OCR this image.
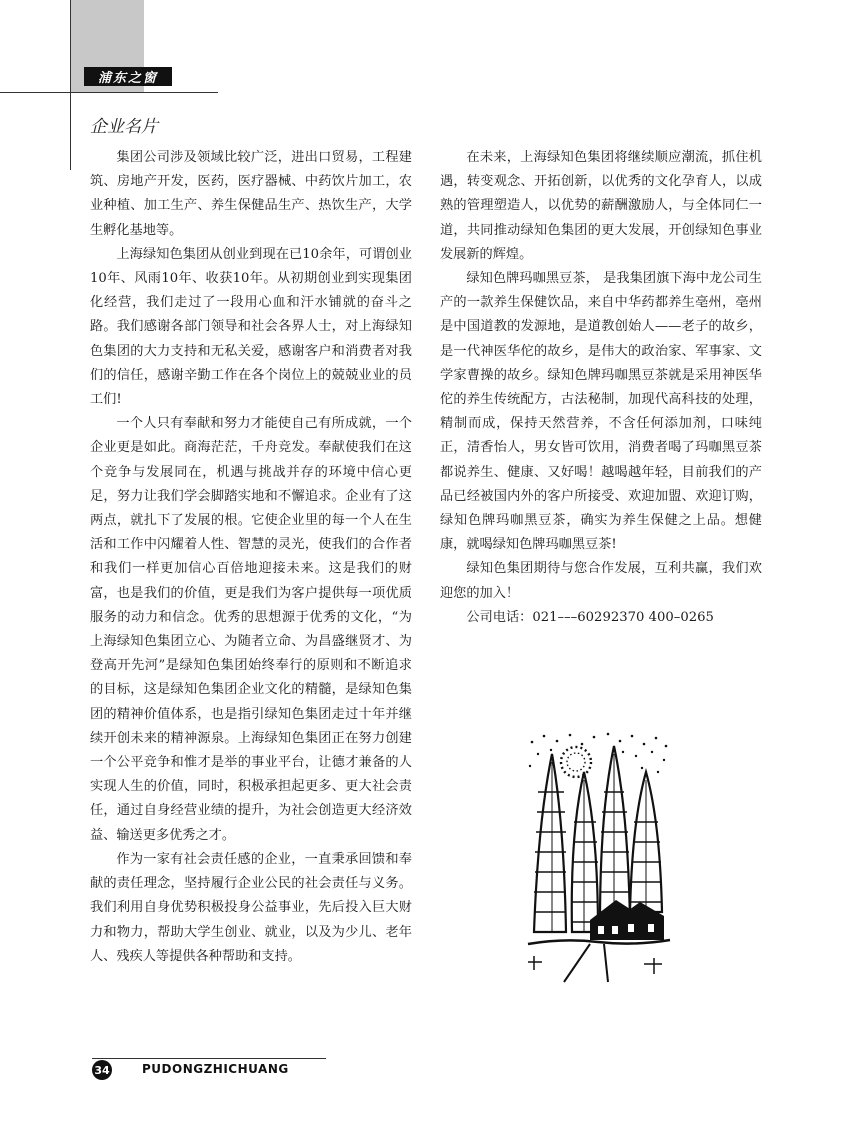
浦东之窗
企业名片

集团公司涉及领域比较广泛，进出口贸易，工程建筑、房地产开发，医药，医疗器械、中药饮片加工，农业种植、加工生产、养生保健品生产、热饮生产，大学生孵化基地等。

上海绿知色集团从创业到现在已10余年，可谓创业10年、风雨10年、收获10年。从初期创业到实现集团化经营，我们走过了一段用心血和汗水铺就的奋斗之路。我们感谢各部门领导和社会各界人士，对上海绿知色集团的大力支持和无私关爱，感谢客户和消费者对我们的信任，感谢辛勤工作在各个岗位上的兢兢业业的员工们!

一个人只有奉献和努力才能使自己有所成就，一个企业更是如此。商海茫茫，千舟竞发。奉献使我们在这个竞争与发展同在，机遇与挑战并存的环境中信心更足，努力让我们学会脚踏实地和不懈追求。企业有了这两点，就扎下了发展的根。它使企业里的每一个人在生活和工作中闪耀着人性、智慧的灵光，使我们的合作者和我们一样更加信心百倍地迎接未来。这是我们的财富，也是我们的价值，更是我们为客户提供每一项优质服务的动力和信念。优秀的思想源于优秀的文化，“为上海绿知色集团立心、为随者立命、为昌盛继贤才、为登高开先河”是绿知色集团始终奉行的原则和不断追求的目标，这是绿知色集团企业文化的精髓，是绿知色集团的精神价值体系，也是指引绿知色集团走过十年并继续开创未来的精神源泉。上海绿知色集团正在努力创建一个公平竞争和惟才是举的事业平台，让德才兼备的人实现人生的价值，同时，积极承担起更多、更大社会责任，通过自身经营业绩的提升，为社会创造更大经济效益、输送更多优秀之才。

作为一家有社会责任感的企业，一直秉承回馈和奉献的责任理念，坚持履行企业公民的社会责任与义务。我们利用自身优势积极投身公益事业，先后投入巨大财力和物力，帮助大学生创业、就业，以及为少儿、老年人、残疾人等提供各种帮助和支持。

在未来，上海绿知色集团将继续顺应潮流，抓住机遇，转变观念、开拓创新，以优秀的文化孕育人，以成熟的管理塑造人，以优势的薪酬激励人，与全体同仁一道，共同推动绿知色集团的更大发展，开创绿知色事业发展新的辉煌。

绿知色牌玛咖黑豆茶， 是我集团旗下海中龙公司生产的一款养生保健饮品，来自中华药都养生亳州，亳州是中国道教的发源地，是道教创始人——老子的故乡，是一代神医华佗的故乡，是伟大的政治家、军事家、文学家曹操的故乡。绿知色牌玛咖黑豆茶就是采用神医华佗的养生传统配方，古法秘制，加现代高科技的处理，精制而成，保持天然营养，不含任何添加剂，口味纯正，清香怡人，男女皆可饮用，消费者喝了玛咖黑豆茶都说养生、健康、又好喝！越喝越年轻，目前我们的产品已经被国内外的客户所接受、欢迎加盟、欢迎订购，绿知色牌玛咖黑豆茶，确实为养生保健之上品。想健康，就喝绿知色牌玛咖黑豆茶!

绿知色集团期待与您合作发展，互利共赢，我们欢迎您的加入！

公司电话：021–––60292370 400–0265

34	PUDONGZHICHUANG
